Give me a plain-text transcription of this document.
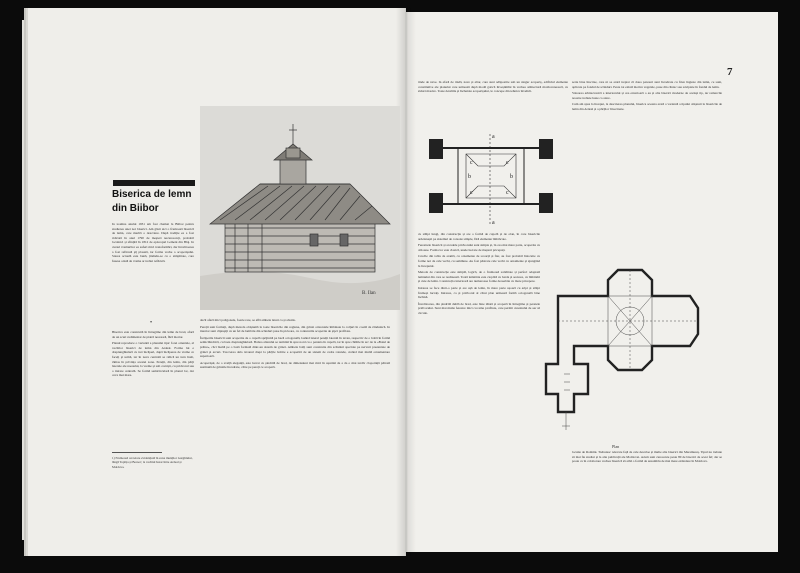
B. Ilan
Biserica de lemn din Biibor

In toamna anului 1931 am fost chemat la Biibor pentru studierea unei noi biserici. Am găsit aici o frumoasă biserică de lemn, care merită o descriere. După tradiţie ea a fost ridicată în anul 1790 de meşteri necunoscuţi, probabil localnici şi sfinţită în 1812 de episcopul Lemeni din Blaj. In cursul vremurilor ea suferi mici transformări, dar învelitoarea a fost refăcută şiţ plasată, iar forma veche a acoperişului. Starea actuală este bună, ţinându-se cu o simplitate, care fusese odată de vreme ar trebui refăcută.

•

Biserica este construită în întregime din lemn de brad, afară de un scurt rudimentar de piatră necesară, fără mortar.

Planul reproduce o variantă a planului tipic forei orientale, al vechilor biserici de lemn din Ardeal. Forma lui e dreptunghiulară cu trei încăperi, după încăperea de vreme ce faceţi şi urmă, iar în nava centrală se ridică un turn înalt, rămas în privinţa acestei zone. Pereţii, din lemn, din părţi laterale ale naosului, la vreme şi sub cornişă, cu pridvorul sau o intrare centrală. Se formă semicirculară în planul lor, dar ceva mai mare.

1) Frumoasă cercetare evidenţiată în zona munţilor Gurghiului, lângă Toplița şi Borsec; la vechiul hotar între Ardeal şi Moldova.

decît afară mici poligonale, foarte rare, se află ambele laturi ca şi absida.

Pereţii sunt formaţi, după metoda obişnuită la toate bisericile din regiune, din grinzi orizontale îmbinate la colţuri în coadă de rândunică. In interior sunt căptuşiţi cu un fel de lambriu din scânduri puse în picioare, cu contururile acoperite de șipci profilate.

Încăperile bisericii sunt acoperite de o cupolă sprijinită pe bază octogonală, lasând lateral pereţii laterali în tavan, respectiv de o boltă în formă semicilindrică, cu baza dreptunghiulară. Boltea altarului se termină în spre nord cu o penteta în cupolă, iar în spre chiliile în arc de la «Boiul de prêtre», căci înaltă pe o bază formată dintr-un sistem de grinzi. Ambele bolţi sunt construite din scânduri speciale pe nervuri prezentate de grinzi şi arcuri. Treccerea dela tavanul drept la părţile boltite e acoperită de un sistem de cadre rotunde, creând mai multă ornamentare superioară.

Acoperişul, de o svelţă eleganţă, este lucrat cu şindrilă de brad, de dimensiuni mai mici în uşurină de a da o mai tardiv clopotniță pătrată sustinută de grinzile încadrate, câtre pe pereţi ce acoperă.

7

tinde de nave. In afară de tindă, nave şi altar, care sunt adăpostite sub un singur acoperiş, edificiul elemente constitutive ale planului care urmează după modă gotică Inveștimînt în vechea arhitectură moldovenească, cu ziduri masive. Toate detaliile şi încheiale acoperişului, le concepe din tehnica învelirii.

a
b
c	c
c	c
b
a

cu stâlpi lungi, din construcţia și are o formă de cupolă și de olan, în care bisericile ardelenești pe sistemul de console simple, fără elemente îmbrăcate.

Ferestrele bisericii și arcadele pridvorului sunt simple și, în cea mai mare parte, acoperite cu obloane. Forma lor este clasică, unele lucrate de meşteri pricepuți.

Crucile din tabla de aramă, cu ornamente de scoarță şi fier, au fost probabil înlocuite cu forme noi de cele vechi, cu semilune. Au fost păstrate cele vechi cu ornamente şi ajungând la începutul.

Metoda de construcţie este simplă, logică, de o frumoasă soliditate și perfect adaptată lemnului din care se realizează. Toată lemnăria este cioplită cu barda şi securea, cu îmbinări şi cuie de lemn. Construcția interioară are numeroase forme deosebite cu mare pricepere.

Intrarea se face dintr-o parte şi are ușă de lemn, în mare parte ușoară cu aripi și stâlpi frumoşi lucraţi. Intrarea, ca şi pridvorul al cărui plan urmează formă octogonală bine închisă.

Învelitoarea, din şindrilă dublă de brad, este bine tăiată şi acoperă în întregime şi peretele pridvorului. Sunt mai multe ferestre mici cu rame profilate, care permit curentului de aer să circule.

serie bine înscrise, care ni se arată treptat că doua panouri sunt încadrate cu frize înguste din lemn, ce sunt, aplicate pe fondul de scânduri. Peste tot există motive vegetale, puse din cântec sau sculptate în fondul de lemn.

Valoarea arhitectonică a interiorului și cea exterioară o au și alte biserici moderne de acelaşi tip, iar remarcile noastre trebuie luate ca atare.

Cum am spus la început, la descrierea planului, biserica aceasta arată o variantă a tipului obişnuit la bisericile de lemn din Ardeal şi a părţilor învecinate.

Plan

locuite de Români. Trebuiesc relevate față de cele descrise și multe alte biserici din Maramureș. Tipul nu trebuie să mai fie studiat și la alte publicaţii ale Moldovei. Acum sunt cunoscute peste 80 de biserici de acest fel; dar se poate ca în colaborare vechea biserică să aibă o formă de ansamblu de mai mare extindere în Moldova.
